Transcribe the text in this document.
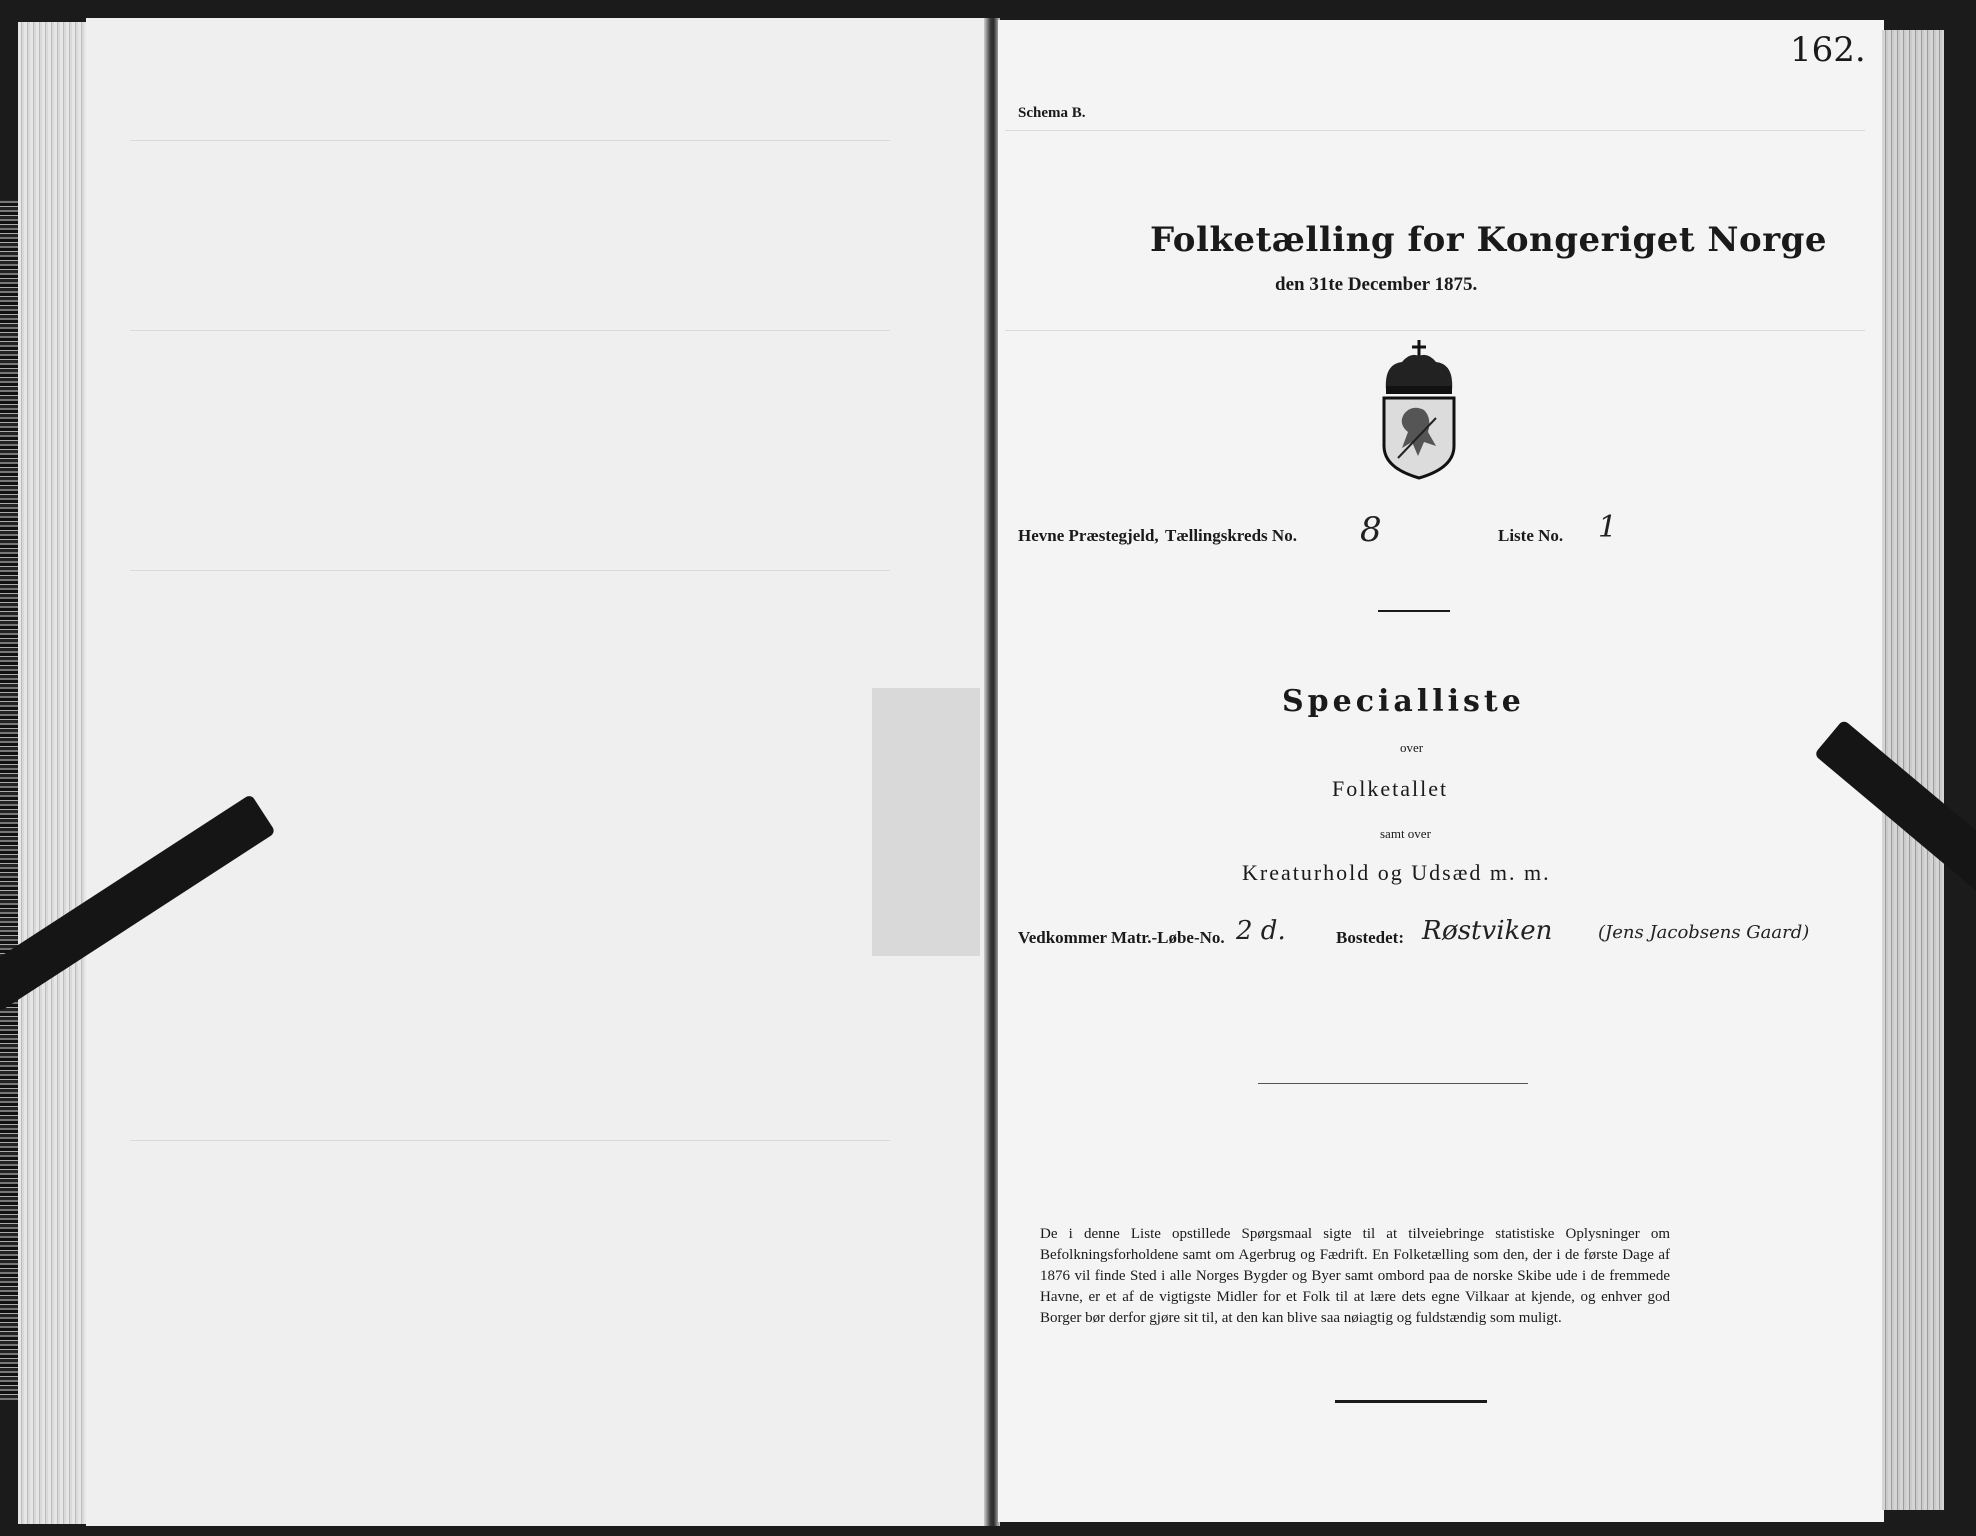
162.
Schema B.
Folketælling for Kongeriget Norge
den 31te December 1875.
Hevne Præstegjeld, Tællingskreds No. 8	Liste No. 1
Specialliste
over
Folketallet
samt over
Kreaturhold og Udsæd m. m.
Vedkommer Matr.-Løbe-No. 2 d.	Bostedet: Røstviken	(Jens Jacobsens Gaard)
De i denne Liste opstillede Spørgsmaal sigte til at tilveiebringe statistiske Oplysninger om Befolkningsforholdene samt om Agerbrug og Fædrift. En Folketælling som den, der i de første Dage af 1876 vil finde Sted i alle Norges Bygder og Byer samt ombord paa de norske Skibe ude i de fremmede Havne, er et af de vigtigste Midler for et Folk til at lære dets egne Vilkaar at kjende, og enhver god Borger bør derfor gjøre sit til, at den kan blive saa nøiagtig og fuldstændig som muligt.
